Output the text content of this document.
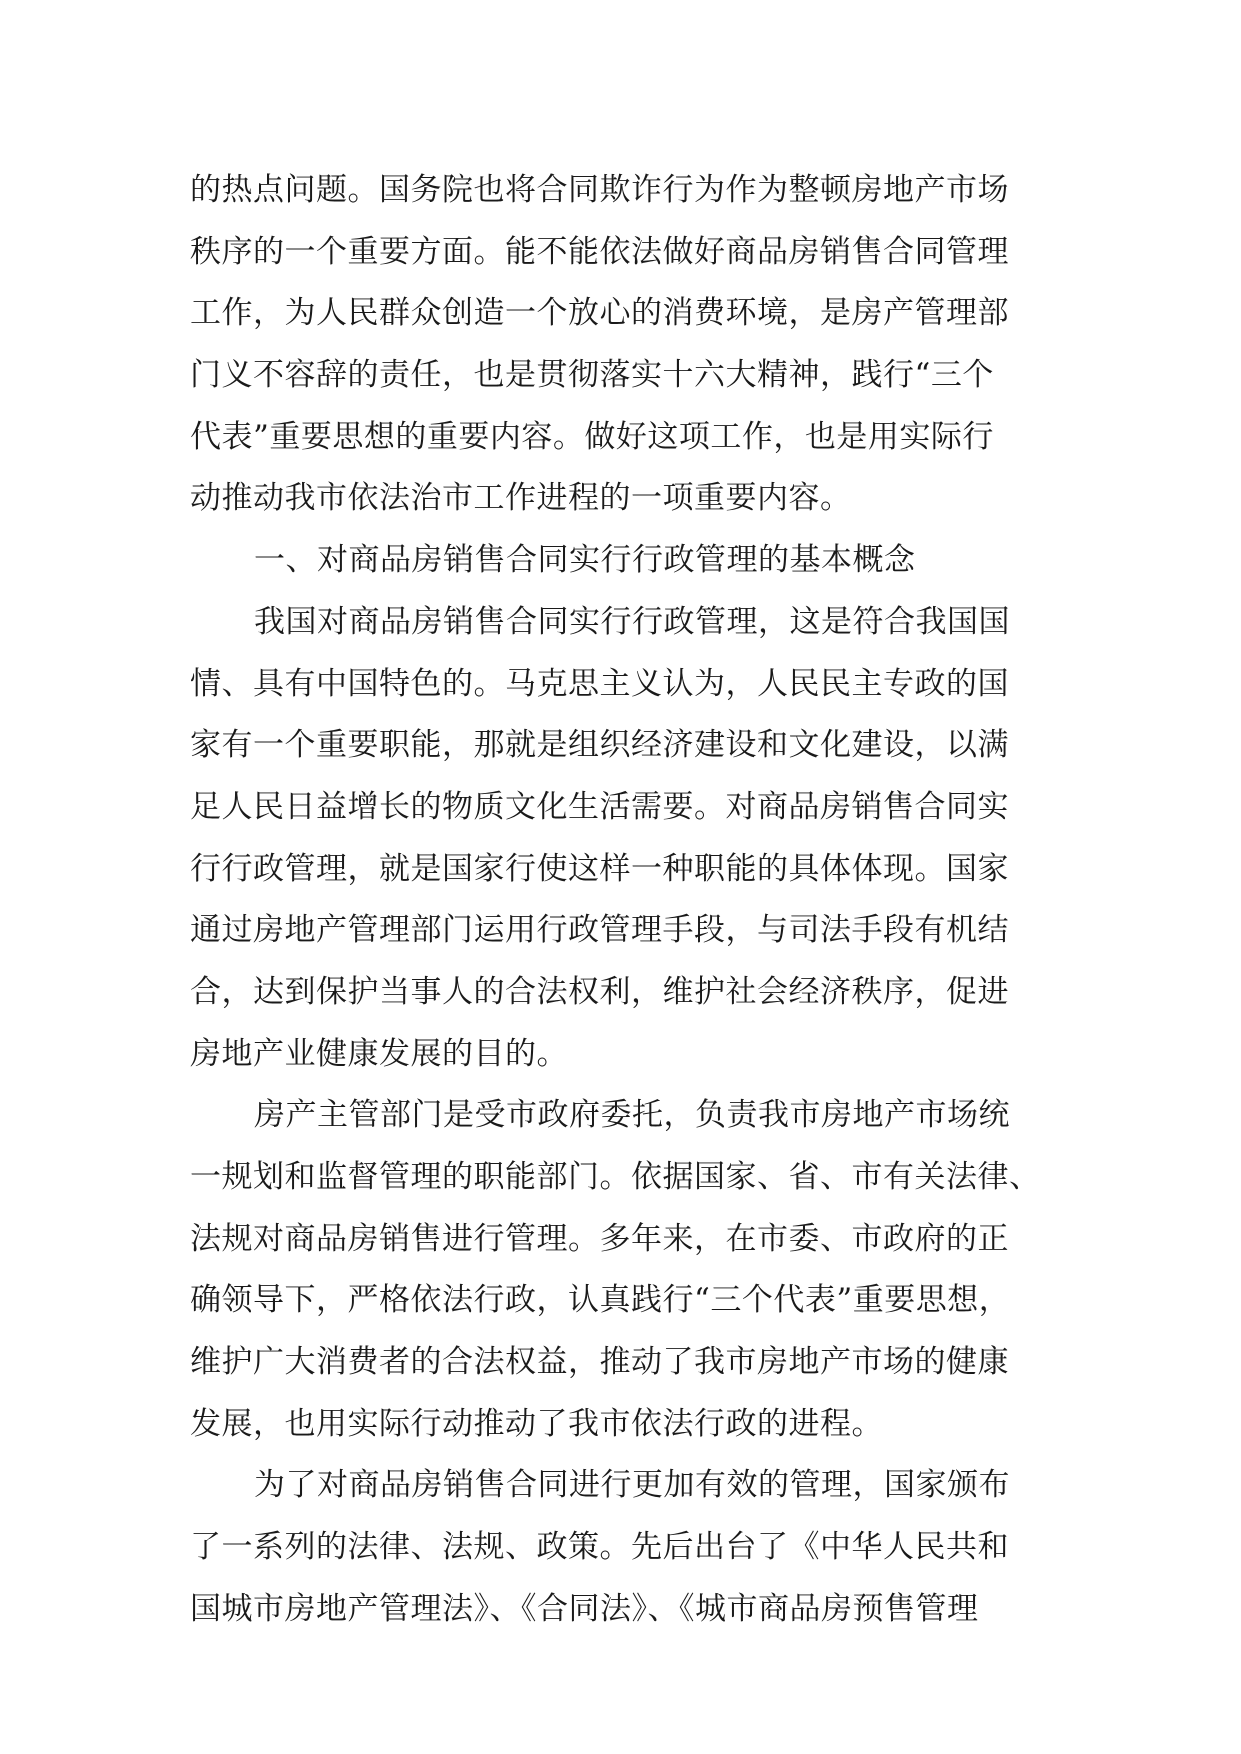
的热点问题。国务院也将合同欺诈行为作为整顿房地产市场
秩序的一个重要方面。能不能依法做好商品房销售合同管理
工作，为人民群众创造一个放心的消费环境，是房产管理部
门义不容辞的责任，也是贯彻落实十六大精神，践行“三个
代表”重要思想的重要内容。做好这项工作，也是用实际行
动推动我市依法治市工作进程的一项重要内容。
一、对商品房销售合同实行行政管理的基本概念
我国对商品房销售合同实行行政管理，这是符合我国国
情、具有中国特色的。马克思主义认为，人民民主专政的国
家有一个重要职能，那就是组织经济建设和文化建设，以满
足人民日益增长的物质文化生活需要。对商品房销售合同实
行行政管理，就是国家行使这样一种职能的具体体现。国家
通过房地产管理部门运用行政管理手段，与司法手段有机结
合，达到保护当事人的合法权利，维护社会经济秩序，促进
房地产业健康发展的目的。
房产主管部门是受市政府委托，负责我市房地产市场统
一规划和监督管理的职能部门。依据国家、省、市有关法律、
法规对商品房销售进行管理。多年来，在市委、市政府的正
确领导下，严格依法行政，认真践行“三个代表”重要思想，
维护广大消费者的合法权益，推动了我市房地产市场的健康
发展，也用实际行动推动了我市依法行政的进程。
为了对商品房销售合同进行更加有效的管理，国家颁布
了一系列的法律、法规、政策。先后出台了《中华人民共和
国城市房地产管理法》、《合同法》、《城市商品房预售管理
